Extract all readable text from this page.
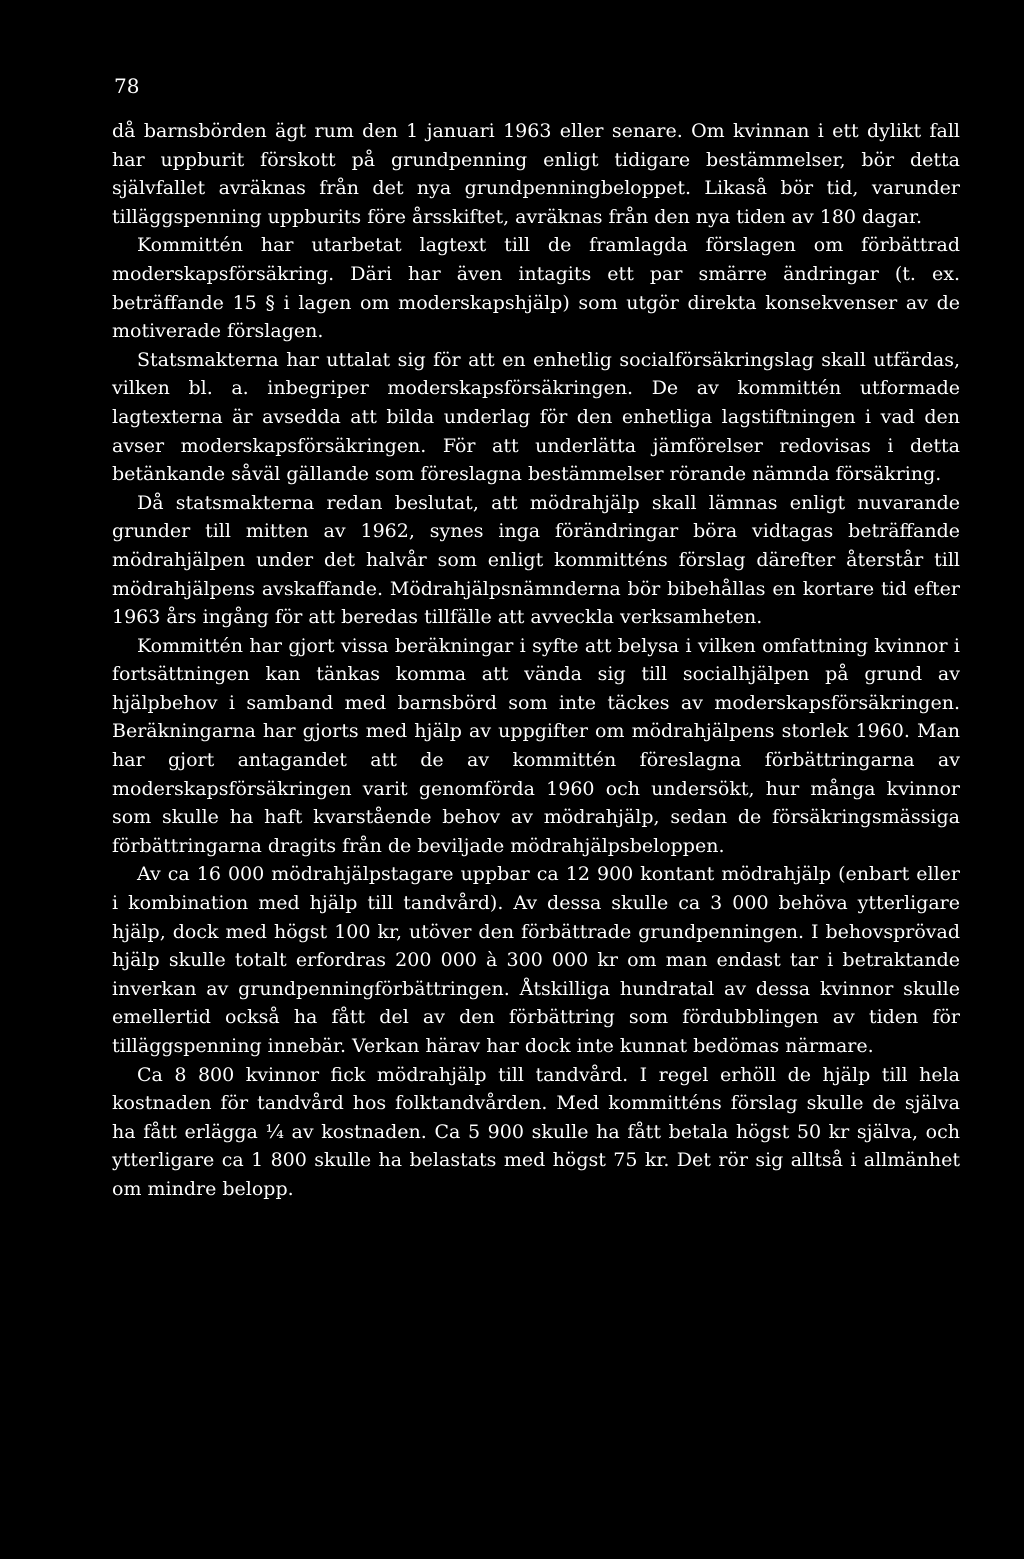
78

då barnsbörden ägt rum den 1 januari 1963 eller senare. Om kvinnan i ett dylikt fall har uppburit förskott på grundpenning enligt tidigare bestämmelser, bör detta självfallet avräknas från det nya grundpenningbeloppet. Likaså bör tid, varunder tilläggspenning uppburits före årsskiftet, avräknas från den nya tiden av 180 dagar.

Kommittén har utarbetat lagtext till de framlagda förslagen om förbättrad moderskapsförsäkring. Däri har även intagits ett par smärre ändringar (t. ex. beträffande 15 § i lagen om moderskapshjälp) som utgör direkta konsekvenser av de motiverade förslagen.

Statsmakterna har uttalat sig för att en enhetlig socialförsäkringslag skall utfärdas, vilken bl. a. inbegriper moderskapsförsäkringen. De av kommittén utformade lagtexterna är avsedda att bilda underlag för den enhetliga lagstiftningen i vad den avser moderskapsförsäkringen. För att underlätta jämförelser redovisas i detta betänkande såväl gällande som föreslagna bestämmelser rörande nämnda försäkring.

Då statsmakterna redan beslutat, att mödrahjälp skall lämnas enligt nuvarande grunder till mitten av 1962, synes inga förändringar böra vidtagas beträffande mödrahjälpen under det halvår som enligt kommitténs förslag därefter återstår till mödrahjälpens avskaffande. Mödrahjälpsnämnderna bör bibehållas en kortare tid efter 1963 års ingång för att beredas tillfälle att avveckla verksamheten.

Kommittén har gjort vissa beräkningar i syfte att belysa i vilken omfattning kvinnor i fortsättningen kan tänkas komma att vända sig till socialhjälpen på grund av hjälpbehov i samband med barnsbörd som inte täckes av moderskapsförsäkringen. Beräkningarna har gjorts med hjälp av uppgifter om mödrahjälpens storlek 1960. Man har gjort antagandet att de av kommittén föreslagna förbättringarna av moderskapsförsäkringen varit genomförda 1960 och undersökt, hur många kvinnor som skulle ha haft kvarstående behov av mödrahjälp, sedan de försäkringsmässiga förbättringarna dragits från de beviljade mödrahjälpsbeloppen.

Av ca 16 000 mödrahjälpstagare uppbar ca 12 900 kontant mödrahjälp (enbart eller i kombination med hjälp till tandvård). Av dessa skulle ca 3 000 behöva ytterligare hjälp, dock med högst 100 kr, utöver den förbättrade grundpenningen. I behovsprövad hjälp skulle totalt erfordras 200 000 à 300 000 kr om man endast tar i betraktande inverkan av grundpenningförbättringen. Åtskilliga hundratal av dessa kvinnor skulle emellertid också ha fått del av den förbättring som fördubblingen av tiden för tilläggspenning innebär. Verkan härav har dock inte kunnat bedömas närmare.

Ca 8 800 kvinnor fick mödrahjälp till tandvård. I regel erhöll de hjälp till hela kostnaden för tandvård hos folktandvården. Med kommitténs förslag skulle de själva ha fått erlägga ¼ av kostnaden. Ca 5 900 skulle ha fått betala högst 50 kr själva, och ytterligare ca 1 800 skulle ha belastats med högst 75 kr. Det rör sig alltså i allmänhet om mindre belopp.
